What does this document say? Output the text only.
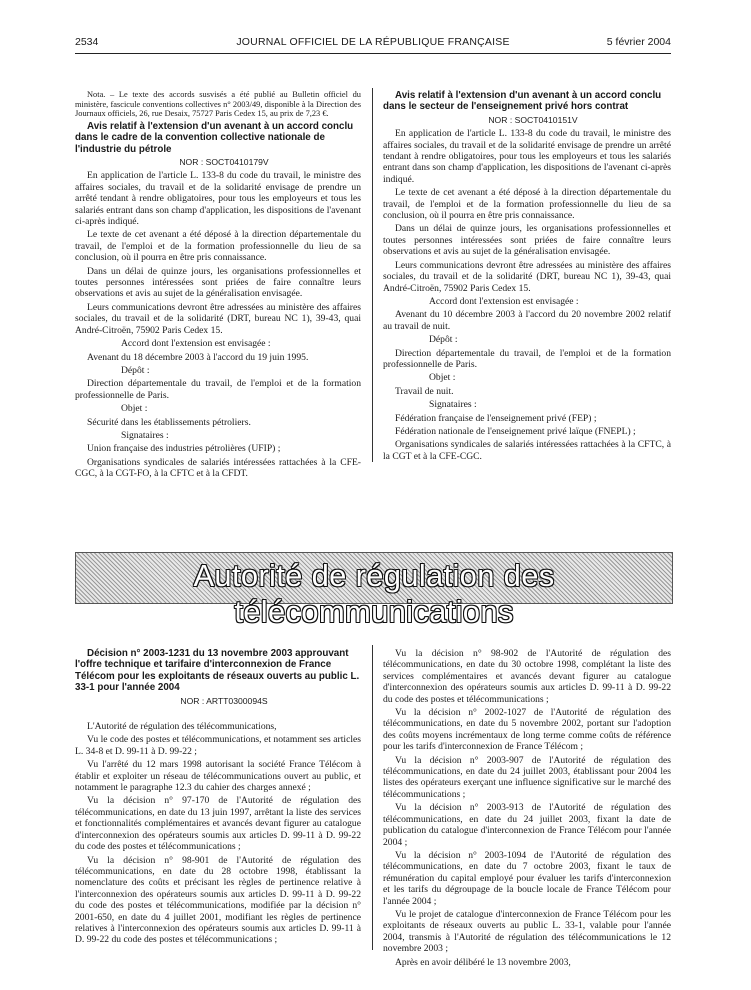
2534	JOURNAL OFFICIEL DE LA RÉPUBLIQUE FRANÇAISE	5 février 2004

Nota. – Le texte des accords susvisés a été publié au Bulletin officiel du ministère, fascicule conventions collectives n° 2003/49, disponible à la Direction des Journaux officiels, 26, rue Desaix, 75727 Paris Cedex 15, au prix de 7,23 €.

Avis relatif à l'extension d'un avenant à un accord conclu dans le cadre de la convention collective nationale de l'industrie du pétrole

NOR : SOCT0410179V

En application de l'article L. 133-8 du code du travail, le ministre des affaires sociales, du travail et de la solidarité envisage de prendre un arrêté tendant à rendre obligatoires, pour tous les employeurs et tous les salariés entrant dans son champ d'application, les dispositions de l'avenant ci-après indiqué.

Le texte de cet avenant a été déposé à la direction départementale du travail, de l'emploi et de la formation professionnelle du lieu de sa conclusion, où il pourra en être pris connaissance.

Dans un délai de quinze jours, les organisations professionnelles et toutes personnes intéressées sont priées de faire connaître leurs observations et avis au sujet de la généralisation envisagée.

Leurs communications devront être adressées au ministère des affaires sociales, du travail et de la solidarité (DRT, bureau NC 1), 39-43, quai André-Citroën, 75902 Paris Cedex 15.

Accord dont l'extension est envisagée :

Avenant du 18 décembre 2003 à l'accord du 19 juin 1995.

Dépôt :

Direction départementale du travail, de l'emploi et de la formation professionnelle de Paris.

Objet :

Sécurité dans les établissements pétroliers.

Signataires :

Union française des industries pétrolières (UFIP) ;

Organisations syndicales de salariés intéressées rattachées à la CFE-CGC, à la CGT-FO, à la CFTC et à la CFDT.

Avis relatif à l'extension d'un avenant à un accord conclu dans le secteur de l'enseignement privé hors contrat

NOR : SOCT0410151V

En application de l'article L. 133-8 du code du travail, le ministre des affaires sociales, du travail et de la solidarité envisage de prendre un arrêté tendant à rendre obligatoires, pour tous les employeurs et tous les salariés entrant dans son champ d'application, les dispositions de l'avenant ci-après indiqué.

Le texte de cet avenant a été déposé à la direction départementale du travail, de l'emploi et de la formation professionnelle du lieu de sa conclusion, où il pourra en être pris connaissance.

Dans un délai de quinze jours, les organisations professionnelles et toutes personnes intéressées sont priées de faire connaître leurs observations et avis au sujet de la généralisation envisagée.

Leurs communications devront être adressées au ministère des affaires sociales, du travail et de la solidarité (DRT, bureau NC 1), 39-43, quai André-Citroën, 75902 Paris Cedex 15.

Accord dont l'extension est envisagée :

Avenant du 10 décembre 2003 à l'accord du 20 novembre 2002 relatif au travail de nuit.

Dépôt :

Direction départementale du travail, de l'emploi et de la formation professionnelle de Paris.

Objet :

Travail de nuit.

Signataires :

Fédération française de l'enseignement privé (FEP) ;

Fédération nationale de l'enseignement privé laïque (FNEPL) ;

Organisations syndicales de salariés intéressées rattachées à la CFTC, à la CGT et à la CFE-CGC.

Autorité de régulation des télécommunications

Décision n° 2003-1231 du 13 novembre 2003 approuvant l'offre technique et tarifaire d'interconnexion de France Télécom pour les exploitants de réseaux ouverts au public L. 33-1 pour l'année 2004

NOR : ARTT0300094S

L'Autorité de régulation des télécommunications,

Vu le code des postes et télécommunications, et notamment ses articles L. 34-8 et D. 99-11 à D. 99-22 ;

Vu l'arrêté du 12 mars 1998 autorisant la société France Télécom à établir et exploiter un réseau de télécommunications ouvert au public, et notamment le paragraphe 12.3 du cahier des charges annexé ;

Vu la décision n° 97-170 de l'Autorité de régulation des télécommunications, en date du 13 juin 1997, arrêtant la liste des services et fonctionnalités complémentaires et avancés devant figurer au catalogue d'interconnexion des opérateurs soumis aux articles D. 99-11 à D. 99-22 du code des postes et télécommunications ;

Vu la décision n° 98-901 de l'Autorité de régulation des télécommunications, en date du 28 octobre 1998, établissant la nomenclature des coûts et précisant les règles de pertinence relative à l'interconnexion des opérateurs soumis aux articles D. 99-11 à D. 99-22 du code des postes et télécommunications, modifiée par la décision n° 2001-650, en date du 4 juillet 2001, modifiant les règles de pertinence relatives à l'interconnexion des opérateurs soumis aux articles D. 99-11 à D. 99-22 du code des postes et télécommunications ;

Vu la décision n° 98-902 de l'Autorité de régulation des télécommunications, en date du 30 octobre 1998, complétant la liste des services complémentaires et avancés devant figurer au catalogue d'interconnexion des opérateurs soumis aux articles D. 99-11 à D. 99-22 du code des postes et télécommunications ;

Vu la décision n° 2002-1027 de l'Autorité de régulation des télécommunications, en date du 5 novembre 2002, portant sur l'adoption des coûts moyens incrémentaux de long terme comme coûts de référence pour les tarifs d'interconnexion de France Télécom ;

Vu la décision n° 2003-907 de l'Autorité de régulation des télécommunications, en date du 24 juillet 2003, établissant pour 2004 les listes des opérateurs exerçant une influence significative sur le marché des télécommunications ;

Vu la décision n° 2003-913 de l'Autorité de régulation des télécommunications, en date du 24 juillet 2003, fixant la date de publication du catalogue d'interconnexion de France Télécom pour l'année 2004 ;

Vu la décision n° 2003-1094 de l'Autorité de régulation des télécommunications, en date du 7 octobre 2003, fixant le taux de rémunération du capital employé pour évaluer les tarifs d'interconnexion et les tarifs du dégroupage de la boucle locale de France Télécom pour l'année 2004 ;

Vu le projet de catalogue d'interconnexion de France Télécom pour les exploitants de réseaux ouverts au public L. 33-1, valable pour l'année 2004, transmis à l'Autorité de régulation des télécommunications le 12 novembre 2003 ;

Après en avoir délibéré le 13 novembre 2003,
